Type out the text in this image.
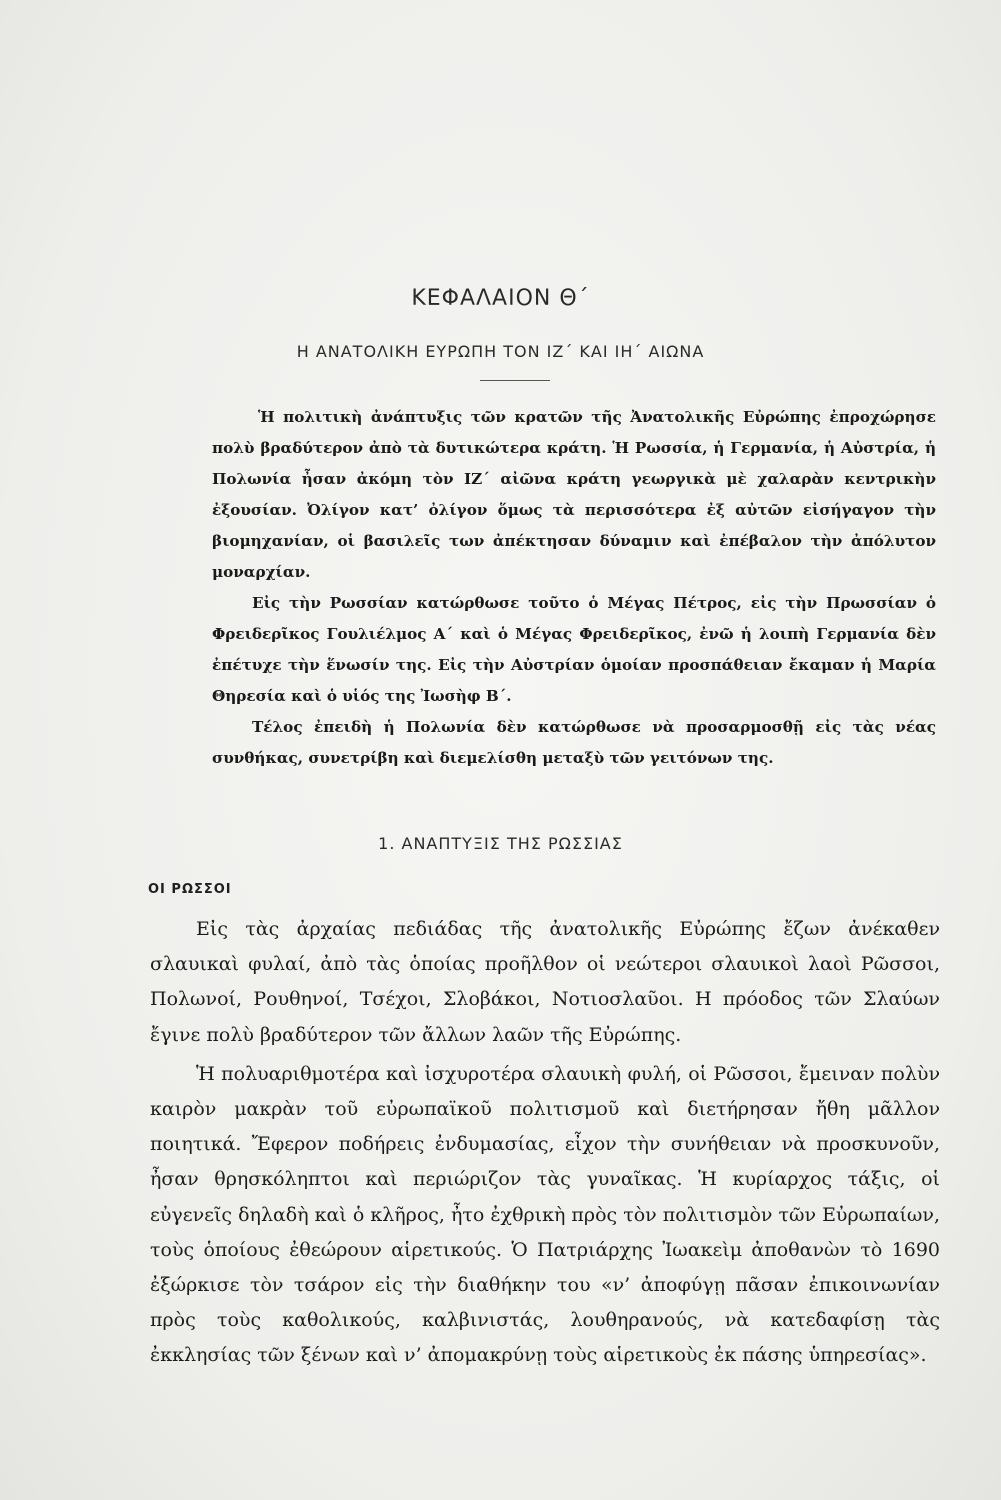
ΚΕΦΑΛΑΙΟΝ Θ΄
Η ΑΝΑΤΟΛΙΚΗ ΕΥΡΩΠΗ ΤΟΝ ΙΖ΄ ΚΑΙ ΙΗ΄ ΑΙΩΝΑ

Ἡ πολιτικὴ ἀνάπτυξις τῶν κρατῶν τῆς Ἀνατολικῆς Εὐρώπης ἐπροχώρησε πολὺ βραδύτερον ἀπὸ τὰ δυτικώτερα κράτη. Ἡ Ρωσσία, ἡ Γερμανία, ἡ Αὐστρία, ἡ Πολωνία ἦσαν ἀκόμη τὸν ΙΖ΄ αἰῶνα κράτη γεωργικὰ μὲ χαλαρὰν κεντρικὴν ἐξουσίαν. Ὀλίγον κατ’ ὀλίγον ὅμως τὰ περισσότερα ἐξ αὐτῶν εἰσήγαγον τὴν βιομηχανίαν, οἱ βασιλεῖς των ἀπέκτησαν δύναμιν καὶ ἐπέβαλον τὴν ἀπόλυτον μοναρχίαν.

Εἰς τὴν Ρωσσίαν κατώρθωσε τοῦτο ὁ Μέγας Πέτρος, εἰς τὴν Πρωσσίαν ὁ Φρειδερῖκος Γουλιέλμος Α΄ καὶ ὁ Μέγας Φρειδερῖκος, ἐνῶ ἡ λοιπὴ Γερμανία δὲν ἐπέτυχε τὴν ἕνωσίν της. Εἰς τὴν Αὐστρίαν ὁμοίαν προσπάθειαν ἔκαμαν ἡ Μαρία Θηρεσία καὶ ὁ υἱός της Ἰωσὴφ Β΄.

Τέλος ἐπειδὴ ἡ Πολωνία δὲν κατώρθωσε νὰ προσαρμοσθῇ εἰς τὰς νέας συνθήκας, συνετρίβη καὶ διεμελίσθη μεταξὺ τῶν γειτόνων της.

1. ΑΝΑΠΤΥΞΙΣ ΤΗΣ ΡΩΣΣΙΑΣ
ΟΙ ΡΩΣΣΟΙ

Εἰς τὰς ἀρχαίας πεδιάδας τῆς ἀνατολικῆς Εὐρώπης ἔζων ἀνέκαθεν σλαυικαὶ φυλαί, ἀπὸ τὰς ὁποίας προῆλθον οἱ νεώτεροι σλαυικοὶ λαοὶ Ρῶσσοι, Πολωνοί, Ρουθηνοί, Τσέχοι, Σλοβάκοι, Νοτιοσλαῦοι. Η πρόοδος τῶν Σλαύων ἔγινε πολὺ βραδύτερον τῶν ἄλλων λαῶν τῆς Εὐρώπης.

Ἡ πολυαριθμοτέρα καὶ ἰσχυροτέρα σλαυικὴ φυλή, οἱ Ρῶσσοι, ἔμειναν πολὺν καιρὸν μακρὰν τοῦ εὐρωπαϊκοῦ πολιτισμοῦ καὶ διετήρησαν ἤθη μᾶλλον ποιητικά. Ἔφερον ποδήρεις ἐνδυμασίας, εἶχον τὴν συνήθειαν νὰ προσκυνοῦν, ἦσαν θρησκόληπτοι καὶ περιώριζον τὰς γυναῖκας. Ἡ κυρίαρχος τάξις, οἱ εὐγενεῖς δηλαδὴ καὶ ὁ κλῆρος, ἦτο ἐχθρικὴ πρὸς τὸν πολιτισμὸν τῶν Εὐρωπαίων, τοὺς ὁποίους ἐθεώρουν αἱρετικούς. Ὁ Πατριάρχης Ἰωακεὶμ ἀποθανὼν τὸ 1690 ἐξώρκισε τὸν τσάρον εἰς τὴν διαθήκην του «ν’ ἀποφύγῃ πᾶσαν ἐπικοινωνίαν πρὸς τοὺς καθολικούς, καλβινιστάς, λουθηρανούς, νὰ κατεδαφίσῃ τὰς ἐκκλησίας τῶν ξένων καὶ ν’ ἀπομακρύνῃ τοὺς αἱρετικοὺς ἐκ πάσης ὑπηρεσίας».
